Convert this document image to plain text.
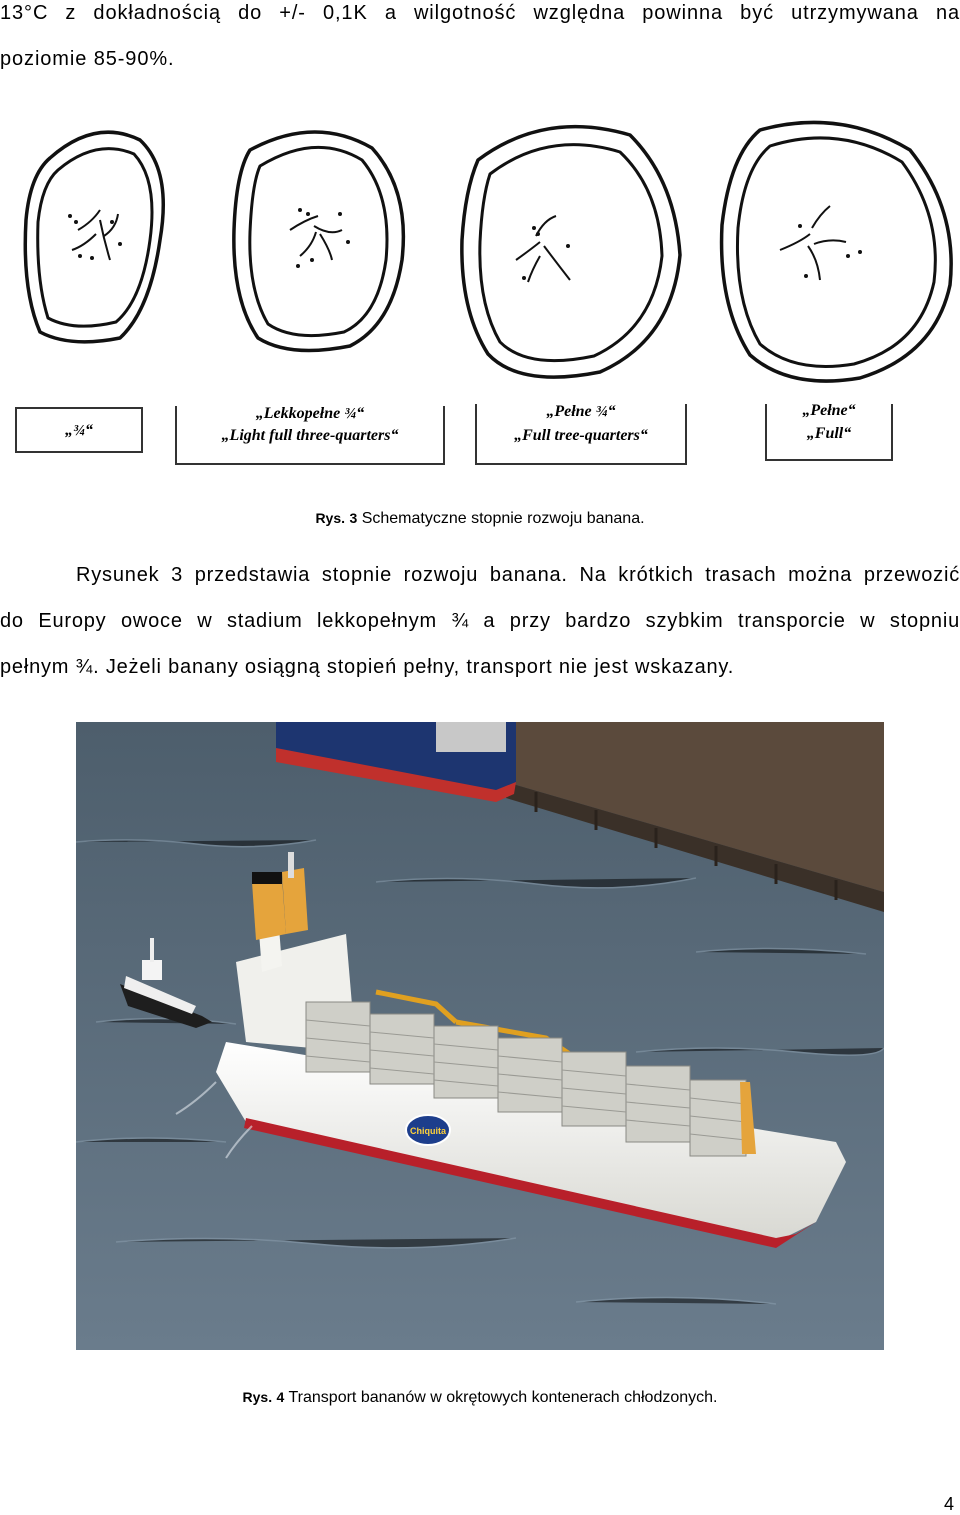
13°C z dokładnością do +/- 0,1K a wilgotność względna powinna być utrzymywana na
poziomie 85-90%.
„¾“
„Lekkopełne ¾“
„Light full three-quarters“
„Pełne ¾“
„Full tree-quarters“
„Pełne“
„Full“
Rys. 3 Schematyczne stopnie rozwoju banana.
Rysunek 3 przedstawia stopnie rozwoju banana. Na krótkich trasach można przewozić
do Europy owoce w stadium lekkopełnym ¾ a przy bardzo szybkim transporcie w stopniu
pełnym ¾. Jeżeli banany osiągną stopień pełny, transport nie jest wskazany.
Chiquita
Rys. 4 Transport bananów w okrętowych kontenerach chłodzonych.
4
